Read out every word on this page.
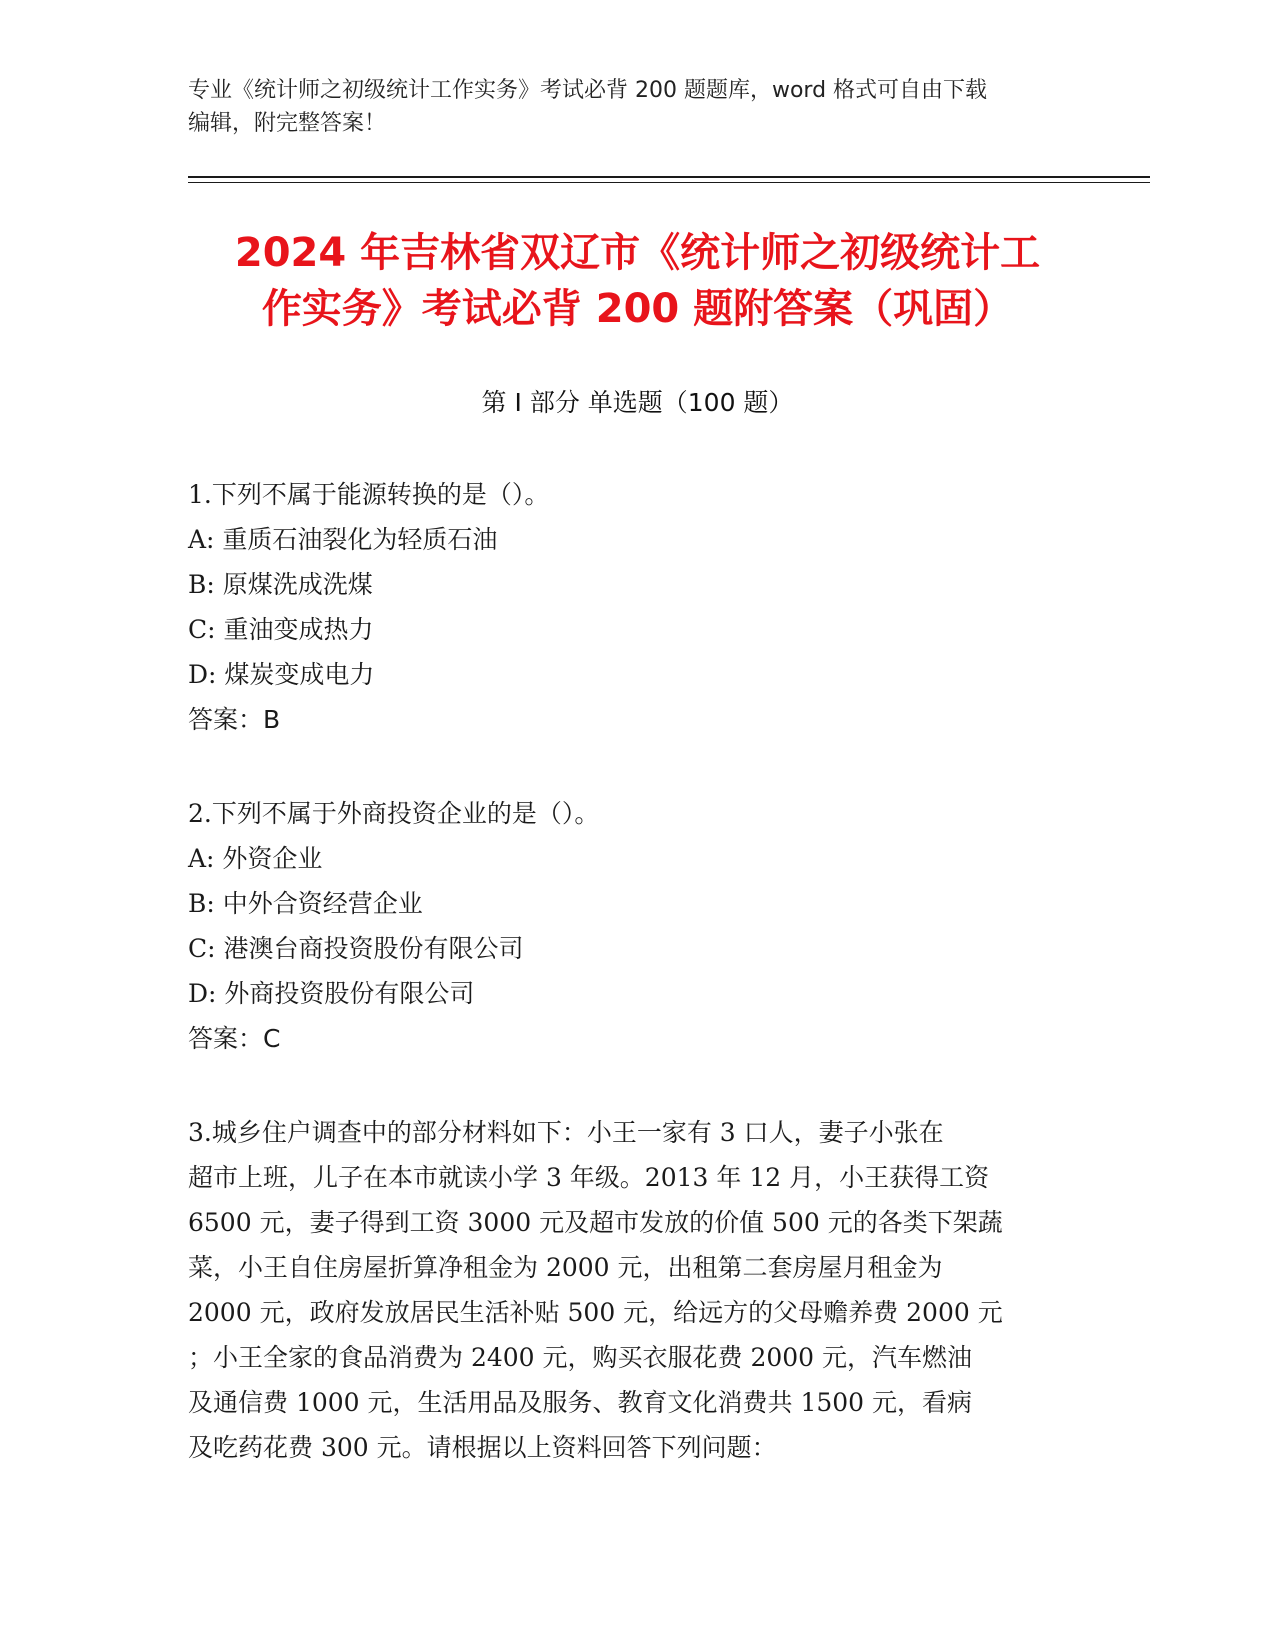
专业《统计师之初级统计工作实务》考试必背 200 题题库，word 格式可自由下载
编辑，附完整答案！
2024 年吉林省双辽市《统计师之初级统计工
作实务》考试必背 200 题附答案（巩固）
第 I 部分 单选题（100 题）
1.下列不属于能源转换的是（）。
A: 重质石油裂化为轻质石油
B: 原煤洗成洗煤
C: 重油变成热力
D: 煤炭变成电力
答案：B
2.下列不属于外商投资企业的是（）。
A: 外资企业
B: 中外合资经营企业
C: 港澳台商投资股份有限公司
D: 外商投资股份有限公司
答案：C
3.城乡住户调查中的部分材料如下：小王一家有 3 口人，妻子小张在
超市上班，儿子在本市就读小学 3 年级。2013 年 12 月，小王获得工资
6500 元，妻子得到工资 3000 元及超市发放的价值 500 元的各类下架蔬
菜，小王自住房屋折算净租金为 2000 元，出租第二套房屋月租金为
2000 元，政府发放居民生活补贴 500 元，给远方的父母赡养费 2000 元
；小王全家的食品消费为 2400 元，购买衣服花费 2000 元，汽车燃油
及通信费 1000 元，生活用品及服务、教育文化消费共 1500 元，看病
及吃药花费 300 元。请根据以上资料回答下列问题：
